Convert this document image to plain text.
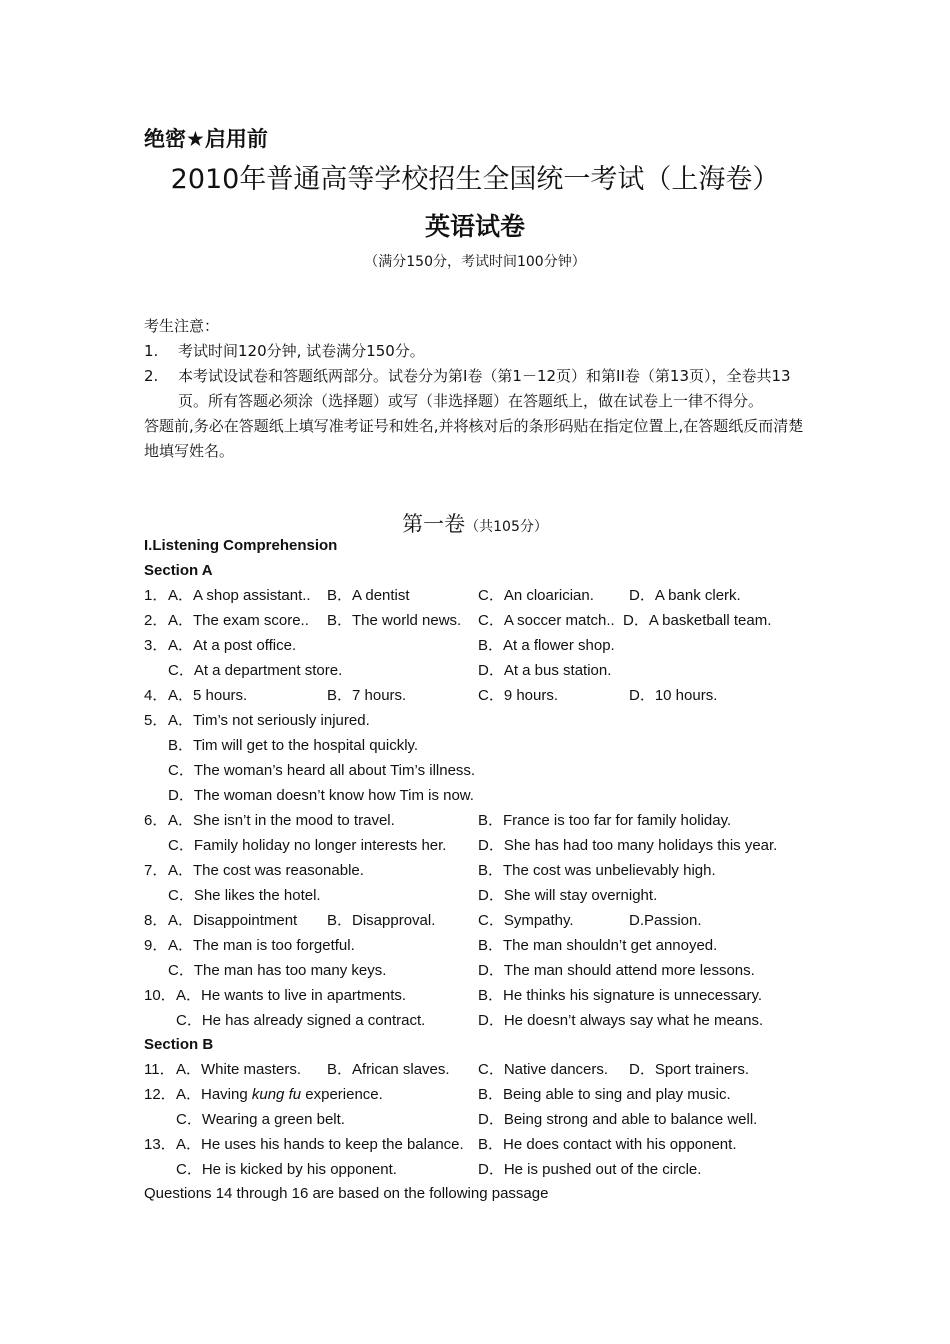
绝密★启用前
2010年普通高等学校招生全国统一考试（上海卷）
英语试卷
（满分150分，考试时间100分钟）
考生注意：
1. 考试时间120分钟, 试卷满分150分。
2. 本考试设试卷和答题纸两部分。试卷分为第I卷（第1－12页）和第II卷（第13页），全卷共13页。所有答题必须涂（选择题）或写（非选择题）在答题纸上，做在试卷上一律不得分。
答题前,务必在答题纸上填写准考证号和姓名,并将核对后的条形码贴在指定位置上,在答题纸反而清楚地填写姓名。
第一卷（共105分）
I.Listening Comprehension
Section A
1． A．A shop assistant.. B．A dentist	C．An cloarician. D．A bank clerk.
2． A．The exam score.. B．The world news. C．A soccer match.. D．A basketball team.
3． A．At a post office.	B．At a flower shop.
C．At a department store.	D．At a bus station.
4． A．5 hours.	B．7 hours.	C．9 hours.	D．10 hours.
5． A．Tim’s not seriously injured.
B．Tim will get to the hospital quickly.
C．The woman’s heard all about Tim’s illness.
D．The woman doesn’t know how Tim is now.
6． A．She isn’t in the mood to travel.	B．France is too far for family holiday.
C．Family holiday no longer interests her. D．She has had too many holidays this year.
7． A．The cost was reasonable.	B．The cost was unbelievably high.
C．She likes the hotel.	D．She will stay overnight.
8． A．Disappointment B．Disapproval.	C．Sympathy.	D.Passion.
9． A．The man is too forgetful.	B．The man shouldn’t get annoyed.
C．The man has too many keys.	D．The man should attend more lessons.
10． A．He wants to live in apartments.	B．He thinks his signature is unnecessary.
C．He has already signed a contract.	D．He doesn’t always say what he means.
Section B
11． A．White masters. B．African slaves. C．Native dancers. D．Sport trainers.
12． A．Having kung fu experience.	B．Being able to sing and play music.
C．Wearing a green belt.	D．Being strong and able to balance well.
13． A．He uses his hands to keep the balance. B．He does contact with his opponent.
C．He is kicked by his opponent.	D．He is pushed out of the circle.
Questions 14 through 16 are based on the following passage
